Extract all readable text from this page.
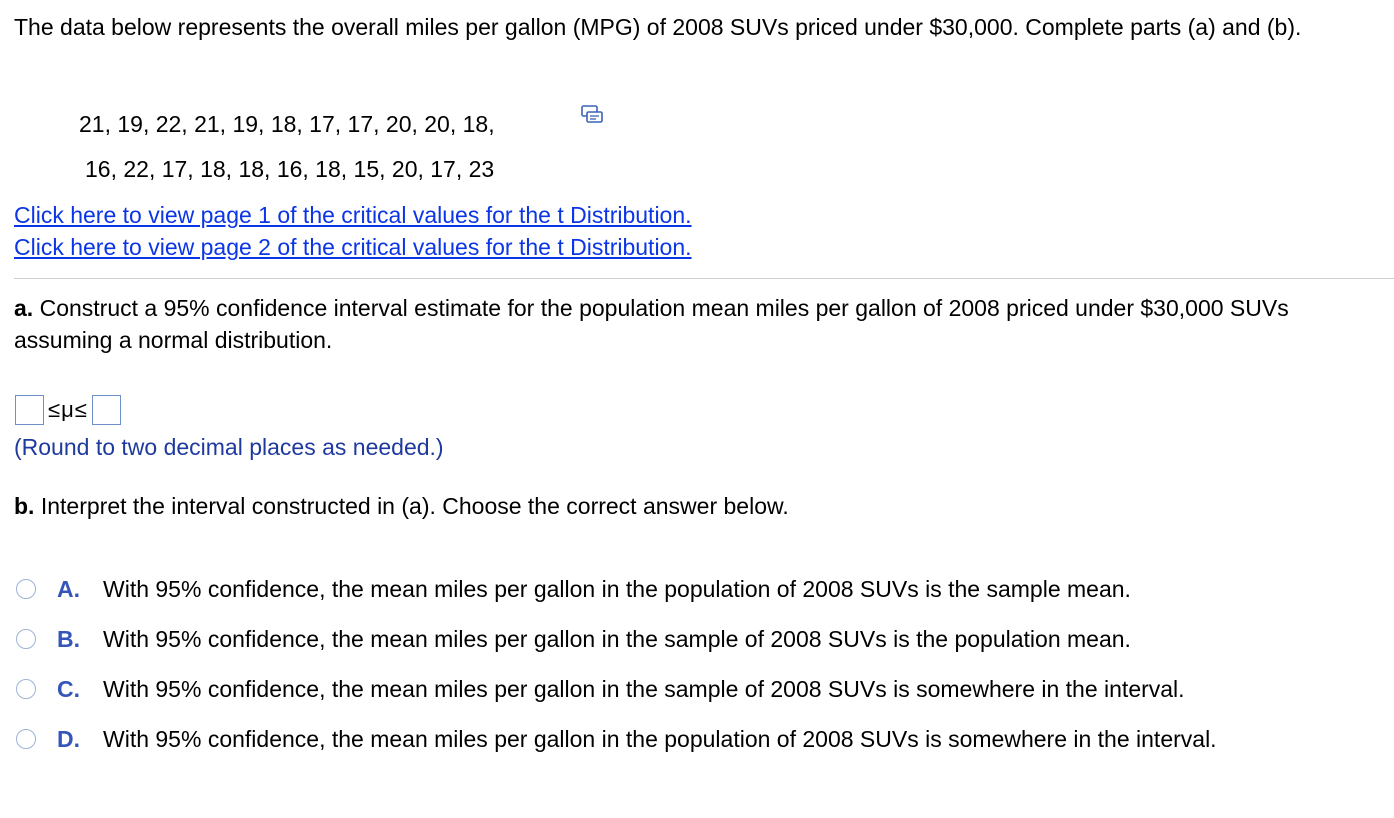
The data below represents the overall miles per gallon (MPG) of 2008 SUVs priced under $30,000. Complete parts (a) and (b).
21, 19, 22, 21, 19, 18, 17, 17, 20, 20, 18,
16, 22, 17, 18, 18, 16, 18, 15, 20, 17, 23
Click here to view page 1 of the critical values for the t Distribution.
Click here to view page 2 of the critical values for the t Distribution.
a. Construct a 95% confidence interval estimate for the population mean miles per gallon of 2008 priced under $30,000 SUVs assuming a normal distribution.
≤μ≤
(Round to two decimal places as needed.)
b. Interpret the interval constructed in (a). Choose the correct answer below.
A.	With 95% confidence, the mean miles per gallon in the population of 2008 SUVs is the sample mean.
B.	With 95% confidence, the mean miles per gallon in the sample of 2008 SUVs is the population mean.
C.	With 95% confidence, the mean miles per gallon in the sample of 2008 SUVs is somewhere in the interval.
D.	With 95% confidence, the mean miles per gallon in the population of 2008 SUVs is somewhere in the interval.
